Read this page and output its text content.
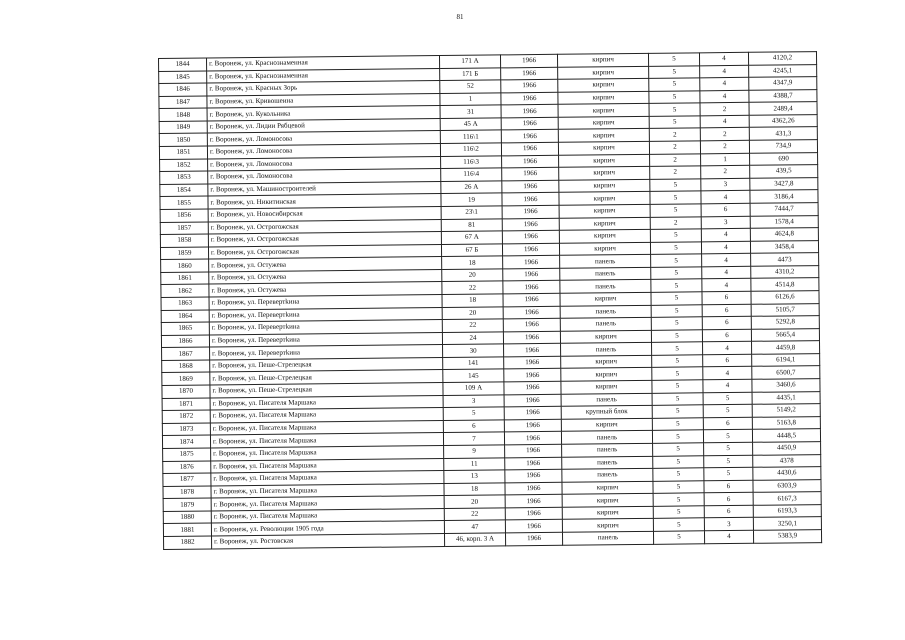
81
1844	г. Воронеж, ул. Краснознаменная	171 А	1966	кирпич	5	4	4120,2
1845	г. Воронеж, ул. Краснознаменная	171 Б	1966	кирпич	5	4	4245,1
1846	г. Воронеж, ул. Красных Зорь	52	1966	кирпич	5	4	4347,9
1847	г. Воронеж, ул. Кривошеина	1	1966	кирпич	5	4	4388,7
1848	г. Воронеж, ул. Кукольника	31	1966	кирпич	5	2	2489,4
1849	г. Воронеж, ул. Лидии Рябцевой	45 А	1966	кирпич	5	4	4362,26
1850	г. Воронеж, ул. Ломоносова	116\1	1966	кирпич	2	2	431,3
1851	г. Воронеж, ул. Ломоносова	116\2	1966	кирпич	2	2	734,9
1852	г. Воронеж, ул. Ломоносова	116\3	1966	кирпич	2	1	690
1853	г. Воронеж, ул. Ломоносова	116\4	1966	кирпич	2	2	439,5
1854	г. Воронеж, ул. Машиностроителей	26 А	1966	кирпич	5	3	3427,8
1855	г. Воронеж, ул. Никитинская	19	1966	кирпич	5	4	3186,4
1856	г. Воронеж, ул. Новосибирская	23\1	1966	кирпич	5	6	7444,7
1857	г. Воронеж, ул. Острогожская	81	1966	кирпич	2	3	1578,4
1858	г. Воронеж, ул. Острогожская	67 А	1966	кирпич	5	4	4624,8
1859	г. Воронеж, ул. Острогожская	67 Б	1966	кирпич	5	4	3458,4
1860	г. Воронеж, ул. Остужева	18	1966	панель	5	4	4473
1861	г. Воронеж, ул. Остужева	20	1966	панель	5	4	4310,2
1862	г. Воронеж, ул. Остужева	22	1966	панель	5	4	4514,8
1863	г. Воронеж, ул. Перевертkина	18	1966	кирпич	5	6	6126,6
1864	г. Воронеж, ул. Перевертkина	20	1966	панель	5	6	5105,7
1865	г. Воронеж, ул. Перевертkина	22	1966	панель	5	6	5292,8
1866	г. Воронеж, ул. Перевертkина	24	1966	кирпич	5	6	5665,4
1867	г. Воронеж, ул. Перевертkина	30	1966	панель	5	4	4459,8
1868	г. Воронеж, ул. Пеше-Стрелецкая	141	1966	кирпич	5	6	6194,1
1869	г. Воронеж, ул. Пеше-Стрелецкая	145	1966	кирпич	5	4	6500,7
1870	г. Воронеж, ул. Пеше-Стрелецкая	109 А	1966	кирпич	5	4	3460,6
1871	г. Воронеж, ул. Писателя Маршака	3	1966	панель	5	5	4435,1
1872	г. Воронеж, ул. Писателя Маршака	5	1966	крупный блок	5	5	5149,2
1873	г. Воронеж, ул. Писателя Маршака	6	1966	кирпич	5	6	5163,8
1874	г. Воронеж, ул. Писателя Маршака	7	1966	панель	5	5	4448,5
1875	г. Воронеж, ул. Писателя Маршака	9	1966	панель	5	5	4450,9
1876	г. Воронеж, ул. Писателя Маршака	11	1966	панель	5	5	4378
1877	г. Воронеж, ул. Писателя Маршака	13	1966	панель	5	5	4430,6
1878	г. Воронеж, ул. Писателя Маршака	18	1966	кирпич	5	6	6303,9
1879	г. Воронеж, ул. Писателя Маршака	20	1966	кирпич	5	6	6167,3
1880	г. Воронеж, ул. Писателя Маршака	22	1966	кирпич	5	6	6193,3
1881	г. Воронеж, ул. Революции 1905 года	47	1966	кирпич	5	3	3250,1
1882	г. Воронеж, ул. Ростовская	46, корп. 3 А	1966	панель	5	4	5383,9
